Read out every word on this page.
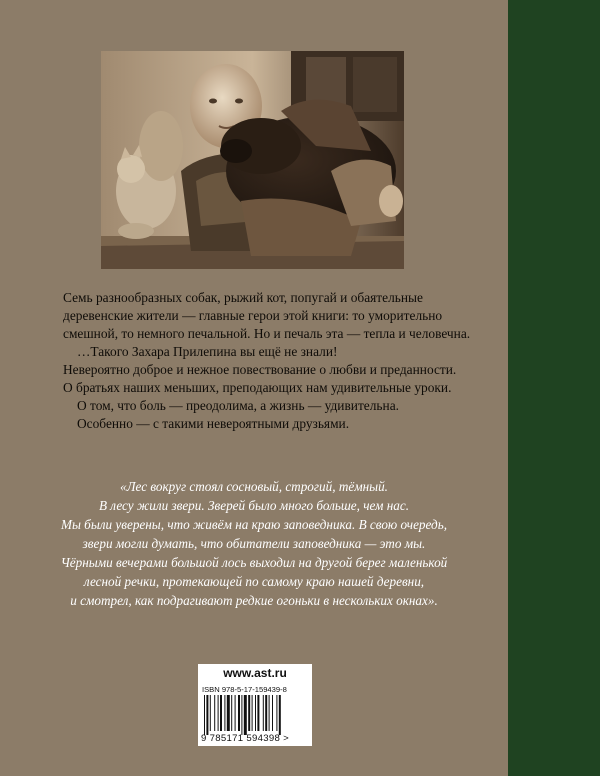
Семь разнообразных собак, рыжий кот, попугай и обаятельные
деревенские жители — главные герои этой книги: то уморительно
смешной, то немного печальной. Но и печаль эта — тепла и человечна.
…Такого Захара Прилепина вы ещё не знали!
Невероятно доброе и нежное повествование о любви и преданности.
О братьях наших меньших, преподающих нам удивительные уроки.
О том, что боль — преодолима, а жизнь — удивительна.
Особенно — с такими невероятными друзьями.
«Лес вокруг стоял сосновый, строгий, тёмный.
В лесу жили звери. Зверей было много больше, чем нас.
Мы были уверены, что живём на краю заповедника. В свою очередь,
звери могли думать, что обитатели заповедника — это мы.
Чёрными вечерами большой лось выходил на другой берег маленькой
лесной речки, протекающей по самому краю нашей деревни,
и смотрел, как подрагивают редкие огоньки в нескольких окнах».
www.ast.ru
ISBN 978-5-17-159439-8
9 785171 594398 >
